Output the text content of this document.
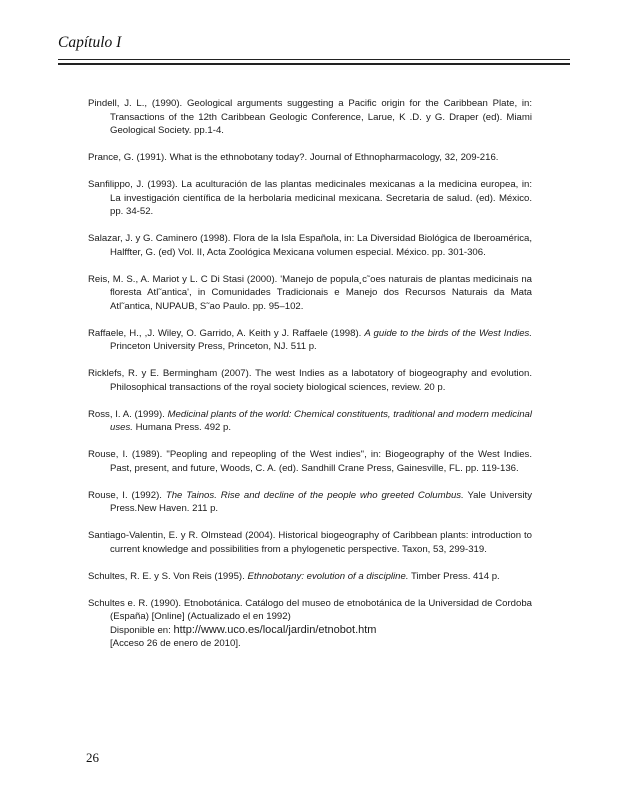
Capítulo I

Pindell, J. L., (1990). Geological arguments suggesting a Pacific origin for the Caribbean Plate, in: Transactions of the 12th Caribbean Geologic Conference, Larue, K .D. y G. Draper (ed). Miami Geological Society. pp.1-4.

Prance, G. (1991). What is the ethnobotany today?. Journal of Ethnopharmacology, 32, 209-216.

Sanfilippo, J. (1993). La aculturación de las plantas medicinales mexicanas a la medicina europea, in: La investigación científica de la herbolaria medicinal mexicana. Secretaria de salud. (ed). México. pp. 34-52.

Salazar, J. y G. Caminero (1998). Flora de la Isla Española, in: La Diversidad Biológica de Iberoamérica, Halffter, G. (ed) Vol. II, Acta Zoológica Mexicana volumen especial. México. pp. 301-306.

Reis, M. S., A. Mariot y L. C Di Stasi (2000). 'Manejo de popula¸c˜oes naturais de plantas medicinais na floresta Atl˜antica', in Comunidades Tradicionais e Manejo dos Recursos Naturais da Mata Atl˜antica, NUPAUB, S˜ao Paulo. pp. 95–102.

Raffaele, H., ,J. Wiley, O. Garrido, A. Keith y J. Raffaele (1998). A guide to the birds of the West Indies. Princeton University Press, Princeton, NJ. 511 p.

Ricklefs, R. y E. Bermingham (2007). The west Indies as a labotatory of biogeography and evolution. Philosophical transactions of the royal society biological sciences, review. 20 p.

Ross, I. A. (1999). Medicinal plants of the world: Chemical constituents, traditional and modern medicinal uses. Humana Press. 492 p.

Rouse, I. (1989). "Peopling and repeopling of the West indies", in: Biogeography of the West Indies. Past, present, and future, Woods, C. A. (ed). Sandhill Crane Press, Gainesville, FL. pp. 119-136.

Rouse, I. (1992). The Tainos. Rise and decline of the people who greeted Columbus. Yale University Press.New Haven. 211 p.

Santiago-Valentin, E. y R. Olmstead (2004). Historical biogeography of Caribbean plants: introduction to current knowledge and possibilities from a phylogenetic perspective. Taxon, 53, 299-319.

Schultes, R. E. y S. Von Reis (1995). Ethnobotany: evolution of a discipline. Timber Press. 414 p.

Schultes e. R. (1990). Etnobotánica. Catálogo del museo de etnobotánica de la Universidad de Cordoba (España) [Online] (Actualizado el en 1992)
Disponible en: http://www.uco.es/local/jardin/etnobot.htm
[Acceso 26 de enero de 2010].

26
